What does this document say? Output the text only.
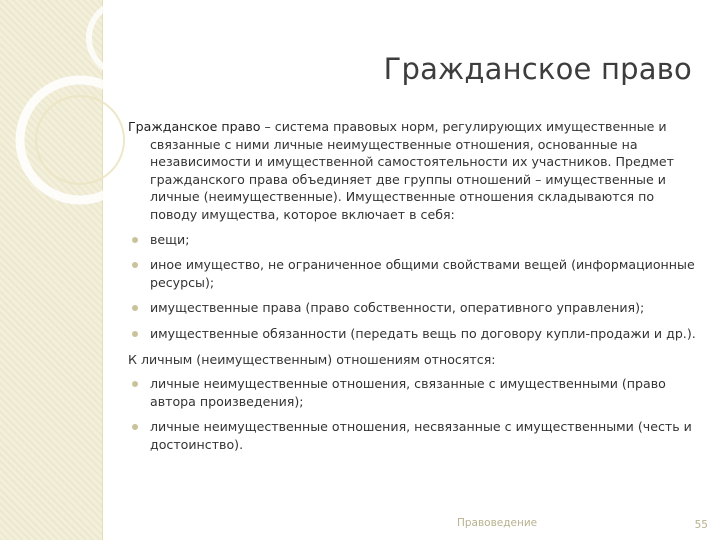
Гражданское право

Гражданское право – система правовых норм, регулирующих имущественные и связанные с ними личные неимущественные отношения, основанные на независимости и имущественной самостоятельности их участников. Предмет гражданского права объединяет две группы отношений – имущественные и личные (неимущественные). Имущественные отношения складываются по поводу имущества, которое включает в себя:

вещи;
иное имущество, не ограниченное общими свойствами вещей (информационные ресурсы);
имущественные права (право собственности, оперативного управления);
имущественные обязанности (передать вещь по договору купли-продажи и др.).

К личным (неимущественным) отношениям относятся:

личные неимущественные отношения, связанные с имущественными (право автора произведения);
личные неимущественные отношения, несвязанные с имущественными (честь и достоинство).
Правоведение	55
